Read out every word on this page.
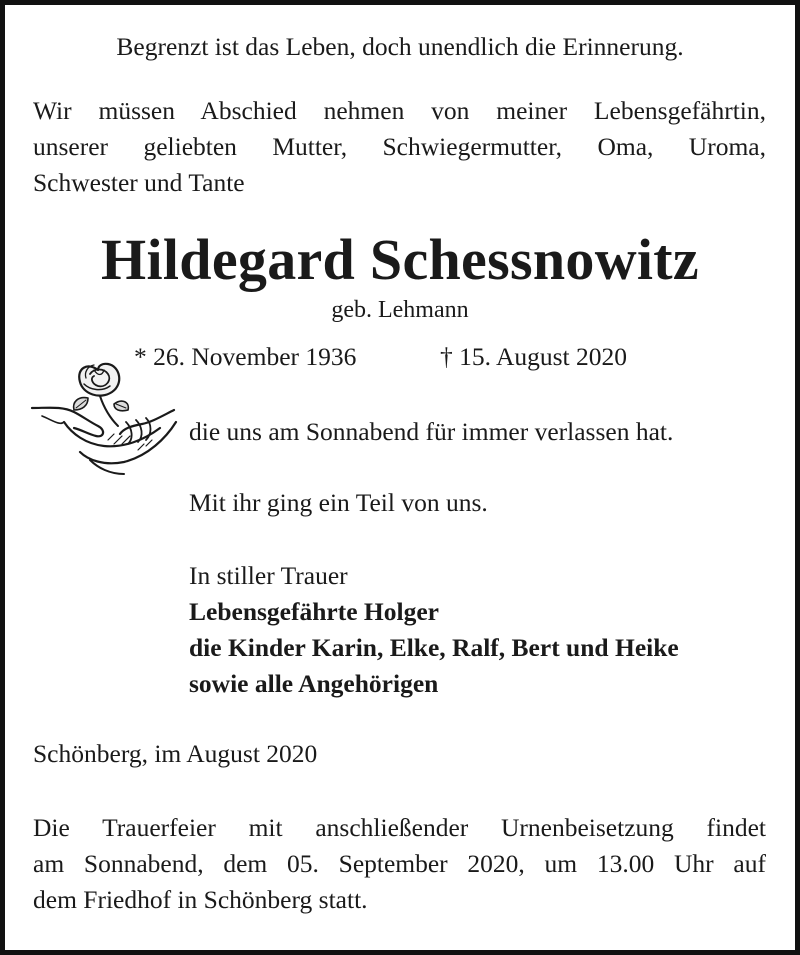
Begrenzt ist das Leben, doch unendlich die Erinnerung.
Wir müssen Abschied nehmen von meiner Lebensgefährtin,
unserer geliebten Mutter, Schwiegermutter, Oma, Uroma,
Schwester und Tante
Hildegard Schessnowitz
geb. Lehmann
* 26. November 1936	† 15. August 2020
die uns am Sonnabend für immer verlassen hat.
Mit ihr ging ein Teil von uns.
In stiller Trauer
Lebensgefährte Holger
die Kinder Karin, Elke, Ralf, Bert und Heike
sowie alle Angehörigen
Schönberg, im August 2020
Die Trauerfeier mit anschließender Urnenbeisetzung findet
am Sonnabend, dem 05. September 2020, um 13.00 Uhr auf
dem Friedhof in Schönberg statt.
